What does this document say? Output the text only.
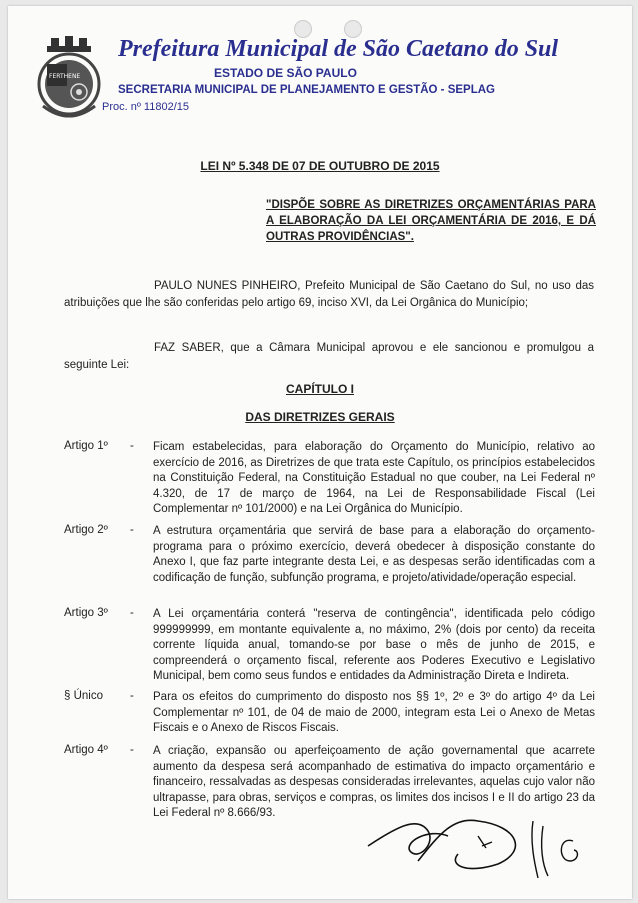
FERTHENE
Prefeitura Municipal de São Caetano do Sul
ESTADO DE SÃO PAULO
SECRETARIA MUNICIPAL DE PLANEJAMENTO E GESTÃO - SEPLAG
Proc. nº 11802/15
LEI Nº 5.348 DE 07 DE OUTUBRO DE 2015
"DISPÕE SOBRE AS DIRETRIZES ORÇAMENTÁRIAS PARA A ELABORAÇÃO DA LEI ORÇAMENTÁRIA DE 2016, E DÁ OUTRAS PROVIDÊNCIAS".
PAULO NUNES PINHEIRO, Prefeito Municipal de São Caetano do Sul, no uso das atribuições que lhe são conferidas pelo artigo 69, inciso XVI, da Lei Orgânica do Município;
FAZ SABER, que a Câmara Municipal aprovou e ele sancionou e promulgou a seguinte Lei:
CAPÍTULO I
DAS DIRETRIZES GERAIS
Artigo 1º - Ficam estabelecidas, para elaboração do Orçamento do Município, relativo ao exercício de 2016, as Diretrizes de que trata este Capítulo, os princípios estabelecidos na Constituição Federal, na Constituição Estadual no que couber, na Lei Federal nº 4.320, de 17 de março de 1964, na Lei de Responsabilidade Fiscal (Lei Complementar nº 101/2000) e na Lei Orgânica do Município.
Artigo 2º - A estrutura orçamentária que servirá de base para a elaboração do orçamento-programa para o próximo exercício, deverá obedecer à disposição constante do Anexo I, que faz parte integrante desta Lei, e as despesas serão identificadas com a codificação de função, subfunção programa, e projeto/atividade/operação especial.
Artigo 3º - A Lei orçamentária conterá "reserva de contingência", identificada pelo código 999999999, em montante equivalente a, no máximo, 2% (dois por cento) da receita corrente líquida anual, tomando-se por base o mês de junho de 2015, e compreenderá o orçamento fiscal, referente aos Poderes Executivo e Legislativo Municipal, bem como seus fundos e entidades da Administração Direta e Indireta.
§ Único - Para os efeitos do cumprimento do disposto nos §§ 1º, 2º e 3º do artigo 4º da Lei Complementar nº 101, de 04 de maio de 2000, integram esta Lei o Anexo de Metas Fiscais e o Anexo de Riscos Fiscais.
Artigo 4º - A criação, expansão ou aperfeiçoamento de ação governamental que acarrete aumento da despesa será acompanhado de estimativa do impacto orçamentário e financeiro, ressalvadas as despesas consideradas irrelevantes, aquelas cujo valor não ultrapasse, para obras, serviços e compras, os limites dos incisos I e II do artigo 23 da Lei Federal nº 8.666/93.
